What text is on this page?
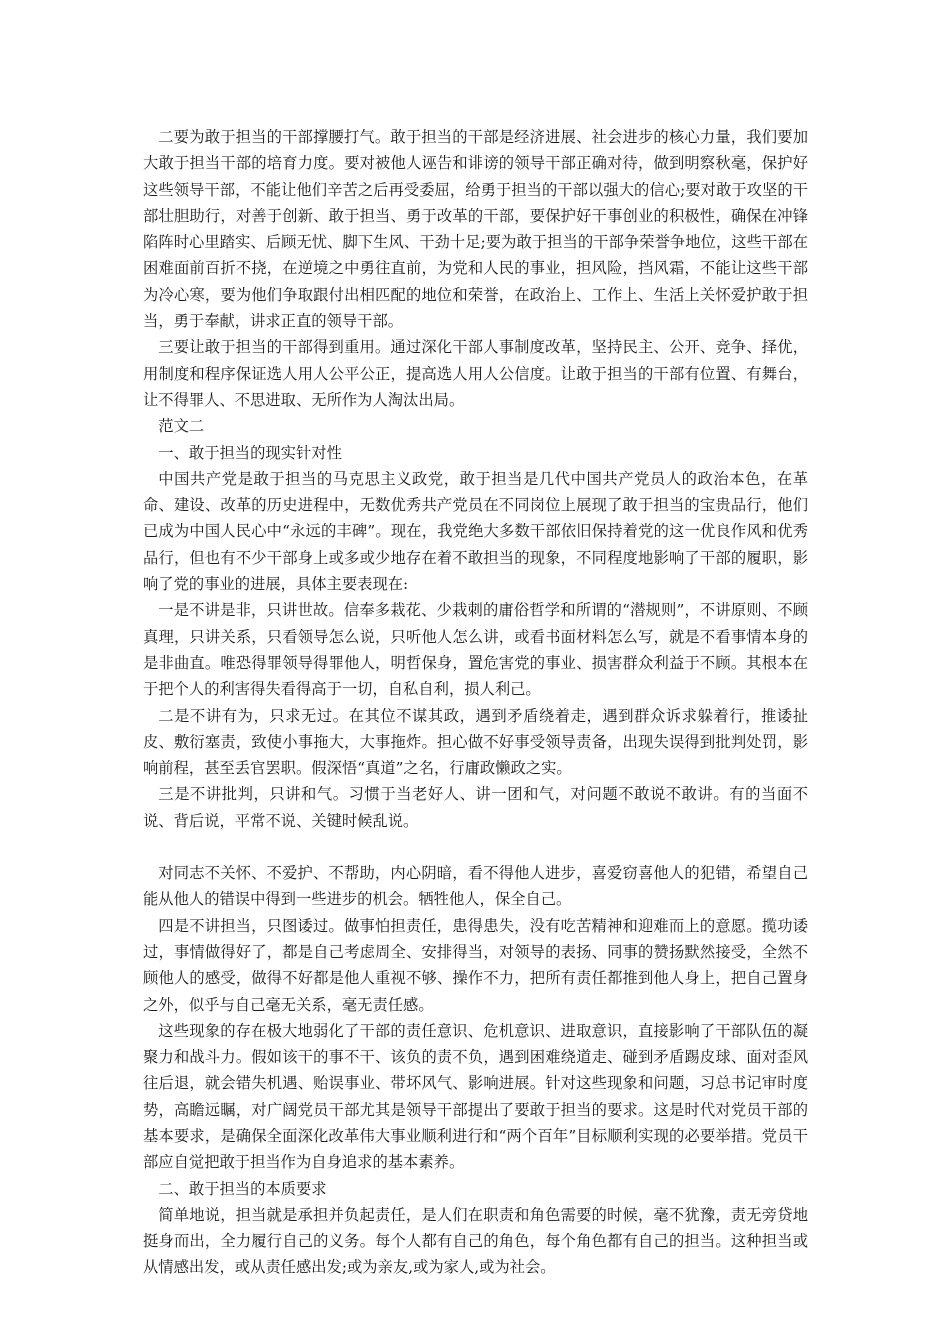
二要为敢于担当的干部撑腰打气。敢于担当的干部是经济进展、社会进步的核心力量，我们要加大敢于担当干部的培育力度。要对被他人诬告和诽谤的领导干部正确对待，做到明察秋毫，保护好这些领导干部，不能让他们辛苦之后再受委屈，给勇于担当的干部以强大的信心;要对敢于攻坚的干部壮胆助行，对善于创新、敢于担当、勇于改革的干部，要保护好干事创业的积极性，确保在冲锋陷阵时心里踏实、后顾无忧、脚下生风、干劲十足;要为敢于担当的干部争荣誉争地位，这些干部在困难面前百折不挠，在逆境之中勇往直前，为党和人民的事业，担风险，挡风霜，不能让这些干部为冷心寒，要为他们争取跟付出相匹配的地位和荣誉，在政治上、工作上、生活上关怀爱护敢于担当，勇于奉献，讲求正直的领导干部。

三要让敢于担当的干部得到重用。通过深化干部人事制度改革，坚持民主、公开、竞争、择优，用制度和程序保证选人用人公平公正，提高选人用人公信度。让敢于担当的干部有位置、有舞台，让不得罪人、不思进取、无所作为人淘汰出局。

范文二

一、敢于担当的现实针对性

中国共产党是敢于担当的马克思主义政党，敢于担当是几代中国共产党员人的政治本色，在革命、建设、改革的历史进程中，无数优秀共产党员在不同岗位上展现了敢于担当的宝贵品行，他们已成为中国人民心中“永远的丰碑”。现在，我党绝大多数干部依旧保持着党的这一优良作风和优秀品行，但也有不少干部身上或多或少地存在着不敢担当的现象，不同程度地影响了干部的履职，影响了党的事业的进展，具体主要表现在:

一是不讲是非，只讲世故。信奉多栽花、少栽刺的庸俗哲学和所谓的“潜规则”，不讲原则、不顾真理，只讲关系，只看领导怎么说，只听他人怎么讲，或看书面材料怎么写，就是不看事情本身的是非曲直。唯恐得罪领导得罪他人，明哲保身，置危害党的事业、损害群众利益于不顾。其根本在于把个人的利害得失看得高于一切，自私自利，损人利己。

二是不讲有为，只求无过。在其位不谋其政，遇到矛盾绕着走，遇到群众诉求躲着行，推诿扯皮、敷衍塞责，致使小事拖大，大事拖炸。担心做不好事受领导责备，出现失误得到批判处罚，影响前程，甚至丢官罢职。假深悟“真道”之名，行庸政懒政之实。

三是不讲批判，只讲和气。习惯于当老好人、讲一团和气，对问题不敢说不敢讲。有的当面不说、背后说，平常不说、关键时候乱说。

对同志不关怀、不爱护、不帮助，内心阴暗，看不得他人进步，喜爱窃喜他人的犯错，希望自己能从他人的错误中得到一些进步的机会。牺牲他人，保全自己。

四是不讲担当，只图诿过。做事怕担责任，患得患失，没有吃苦精神和迎难而上的意愿。揽功诿过，事情做得好了，都是自己考虑周全、安排得当，对领导的表扬、同事的赞扬默然接受，全然不顾他人的感受，做得不好都是他人重视不够、操作不力，把所有责任都推到他人身上，把自己置身之外，似乎与自己毫无关系，毫无责任感。

这些现象的存在极大地弱化了干部的责任意识、危机意识、进取意识，直接影响了干部队伍的凝聚力和战斗力。假如该干的事不干、该负的责不负，遇到困难绕道走、碰到矛盾踢皮球、面对歪风往后退，就会错失机遇、贻误事业、带坏风气、影响进展。针对这些现象和问题，习总书记审时度势，高瞻远瞩，对广阔党员干部尤其是领导干部提出了要敢于担当的要求。这是时代对党员干部的基本要求，是确保全面深化改革伟大事业顺利进行和“两个百年”目标顺利实现的必要举措。党员干部应自觉把敢于担当作为自身追求的基本素养。

二、敢于担当的本质要求

简单地说，担当就是承担并负起责任，是人们在职责和角色需要的时候，毫不犹豫，责无旁贷地挺身而出，全力履行自己的义务。每个人都有自己的角色，每个角色都有自己的担当。这种担当或从情感出发，或从责任感出发;或为亲友,或为家人,或为社会。
